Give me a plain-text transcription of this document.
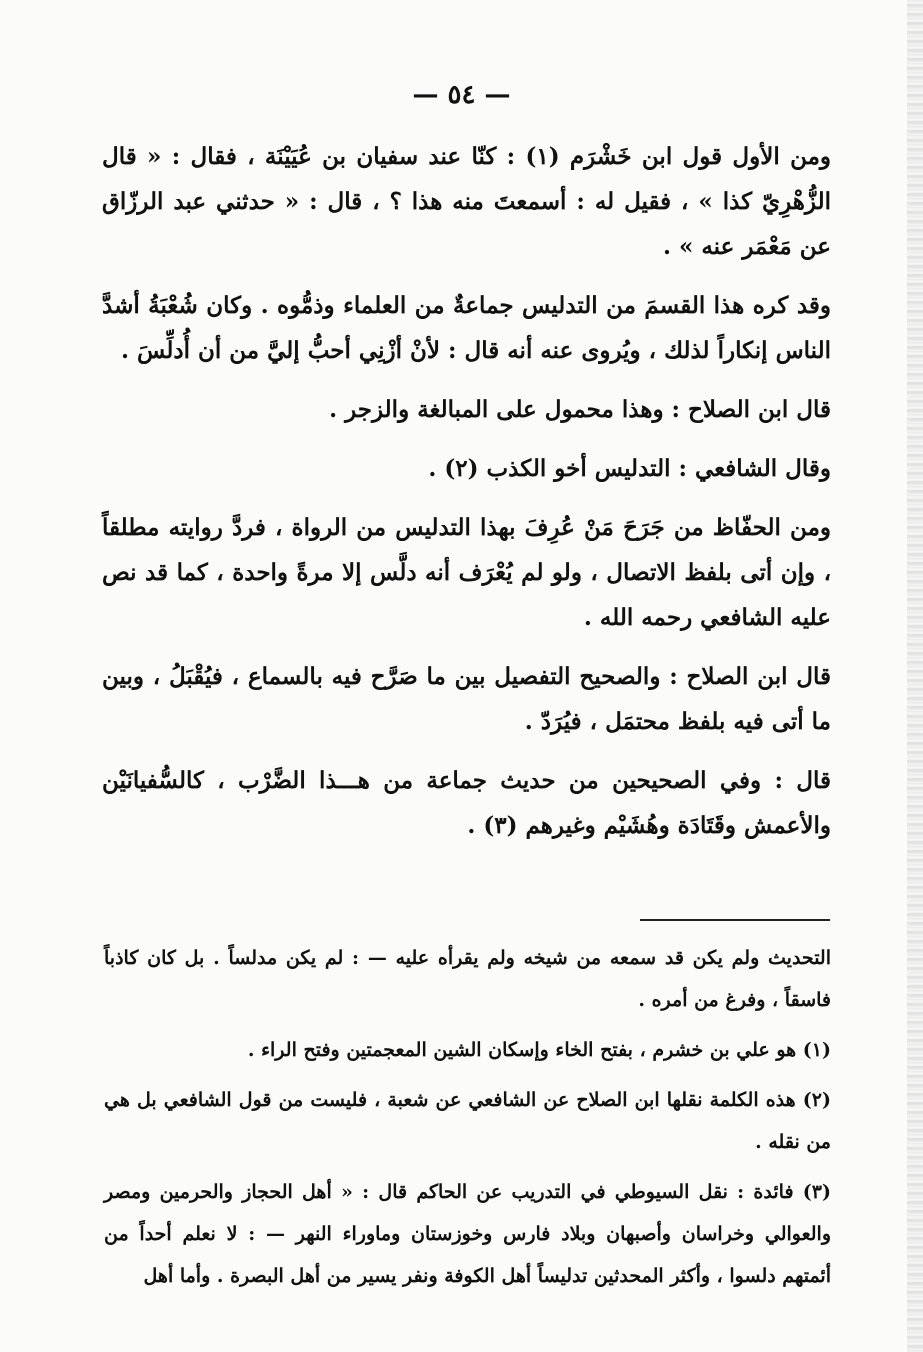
— ٥٤ —

ومن الأول قول ابن خَشْرَم (١) : كنّا عند سفيان بن عُيَيْنَة ، فقال : « قال الزُّهْرِيّ كذا » ، فقيل له : أسمعتَ منه هذا ؟ ، قال : « حدثني عبد الرزّاق عن مَعْمَر عنه » .

وقد كره هذا القسمَ من التدليس جماعةٌ من العلماء وذمُّوه . وكان شُعْبَةُ أشدَّ الناس إنكاراً لذلك ، ويُروى عنه أنه قال : لأنْ أزْنِي أحبُّ إليَّ من أن أُدلِّسَ .

قال ابن الصلاح : وهذا محمول على المبالغة والزجر .

وقال الشافعي : التدليس أخو الكذب (٢) .

ومن الحفّاظ من جَرَحَ مَنْ عُرِفَ بهذا التدليس من الرواة ، فردَّ روايته مطلقاً ، وإن أتى بلفظ الاتصال ، ولو لم يُعْرَف أنه دلَّس إلا مرةً واحدة ، كما قد نص عليه الشافعي رحمه الله .

قال ابن الصلاح : والصحيح التفصيل بين ما صَرَّح فيه بالسماع ، فيُقْبَلُ ، وبين ما أتى فيه بلفظ محتمَل ، فيُرَدّ .

قال : وفي الصحيحين من حديث جماعة من هـــذا الضَّرْب ، كالسُّفيانَيْن والأعمش وقَتَادَة وهُشَيْم وغيرهم (٣) .

التحديث ولم يكن قد سمعه من شيخه ولم يقرأه عليه — : لم يكن مدلساً . بل كان كاذباً فاسقاً ، وفرغ من أمره .

(١) هو علي بن خشرم ، بفتح الخاء وإسكان الشين المعجمتين وفتح الراء .

(٢) هذه الكلمة نقلها ابن الصلاح عن الشافعي عن شعبة ، فليست من قول الشافعي بل هي من نقله .

(٣) فائدة : نقل السيوطي في التدريب عن الحاكم قال : « أهل الحجاز والحرمين ومصر والعوالي وخراسان وأصبهان وبلاد فارس وخوزستان وماوراء النهر — : لا نعلم أحداً من أئمتهم دلسوا ، وأكثر المحدثين تدليساً أهل الكوفة ونفر يسير من أهل البصرة . وأما أهل
